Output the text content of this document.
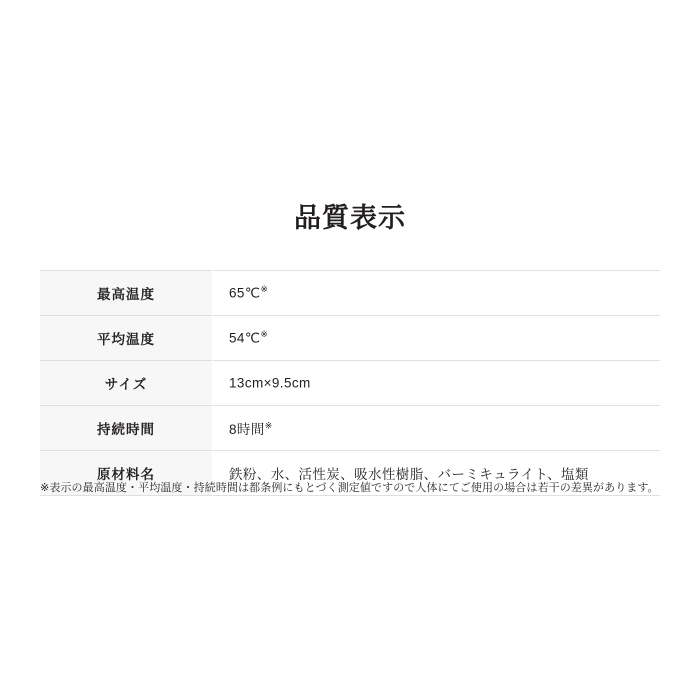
品質表示
最高温度	65℃※
平均温度	54℃※
サイズ	13cm×9.5cm
持続時間	8時間※
原材料名	鉄粉、水、活性炭、吸水性樹脂、バーミキュライト、塩類
※表示の最高温度・平均温度・持続時間は都条例にもとづく測定値ですので人体にてご使用の場合は若干の差異があります。
